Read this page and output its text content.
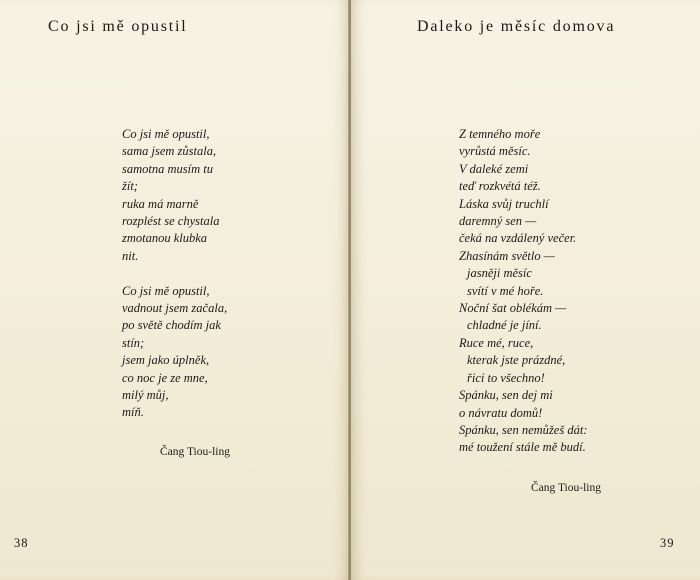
Co jsi mě opustil
Co jsi mě opustil,
sama jsem zůstala,
samotna musím tu
žít;
ruka má marně
rozplést se chystala
zmotanou klubka
nit.
Co jsi mě opustil,
vadnout jsem začala,
po světě chodím jak
stín;
jsem jako úplněk,
co noc je ze mne,
milý můj,
míň.
Čang Tiou-ling
38
Daleko je měsíc domova
Z temného moře
vyrůstá měsíc.
V daleké zemi
teď rozkvétá též.
Láska svůj truchlí
daremný sen —
čeká na vzdálený večer.
Zhasínám světlo —
jasněji měsíc
svítí v mé hoře.
Noční šat oblékám —
chladné je jíní.
Ruce mé, ruce,
kterak jste prázdné,
řici to všechno!
Spánku, sen dej mi
o návratu domů!
Spánku, sen nemůžeš dát:
mé toužení stále mě budí.
Čang Tiou-ling
39
